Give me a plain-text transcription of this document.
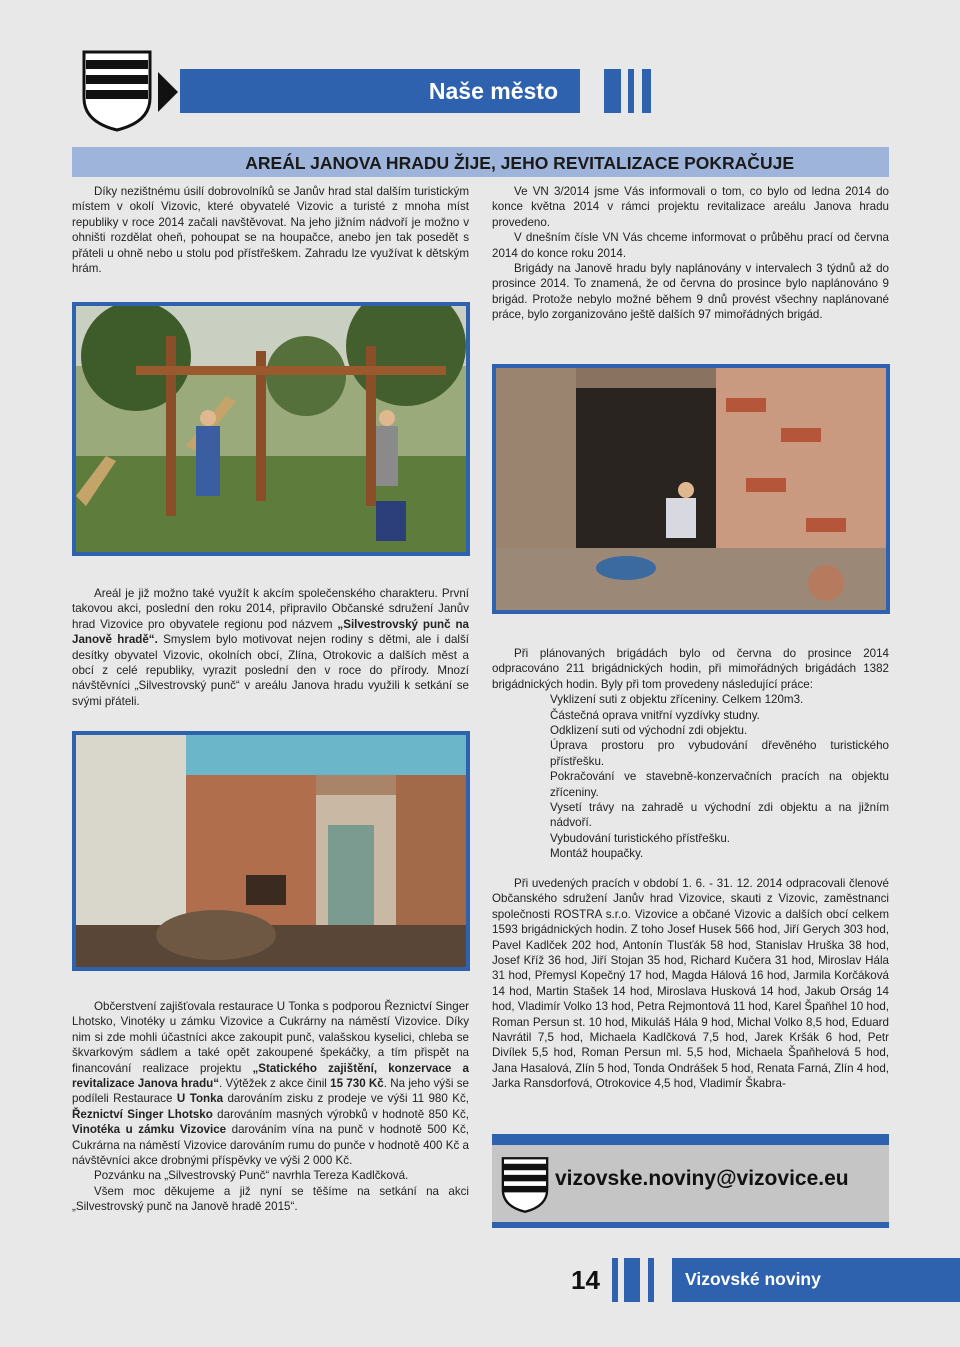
Naše město
AREÁL JANOVA HRADU ŽIJE, JEHO REVITALIZACE POKRAČUJE

Díky nezištnému úsilí dobrovolníků se Janův hrad stal dalším turistickým místem v okolí Vizovic, které obyvatelé Vizovic a turisté z mnoha míst republiky v roce 2014 začali navštěvovat. Na jeho jižním nádvoří je možno v ohništi rozdělat oheň, pohoupat se na houpačce, anebo jen tak posedět s přáteli u ohně nebo u stolu pod přístřeškem. Zahradu lze využívat k dětským hrám.

Areál je již možno také využít k akcím společenského charakteru. První takovou akci, poslední den roku 2014, připravilo Občanské sdružení Janův hrad Vizovice pro obyvatele regionu pod názvem „Silvestrovský punč na Janově hradě“. Smyslem bylo motivovat nejen rodiny s dětmi, ale i další desítky obyvatel Vizovic, okolních obcí, Zlína, Otrokovic a dalších měst a obcí z celé republiky, vyrazit poslední den v roce do přírody. Mnozí návštěvníci „Silvestrovský punč“ v areálu Janova hradu využili k setkání se svými přáteli.

Občerstvení zajišťovala restaurace U Tonka s podporou Řeznictví Singer Lhotsko, Vinotéky u zámku Vizovice a Cukrárny na náměstí Vizovice. Díky nim si zde mohli účastníci akce zakoupit punč, valašskou kyselici, chleba se škvarkovým sádlem a také opět zakoupené špekáčky, a tím přispět na financování realizace projektu „Statického zajištění, konzervace a revitalizace Janova hradu“. Výtěžek z akce činil 15 730 Kč. Na jeho výši se podíleli Restaurace U Tonka darováním zisku z prodeje ve výši 11 980 Kč, Řeznictví Singer Lhotsko darováním masných výrobků v hodnotě 850 Kč, Vinotéka u zámku Vizovice darováním vína na punč v hodnotě 500 Kč, Cukrárna na náměstí Vizovice darováním rumu do punče v hodnotě 400 Kč a návštěvníci akce drobnými příspěvky ve výši 2 000 Kč.

Pozvánku na „Silvestrovský Punč“ navrhla Tereza Kadlčková.

Všem moc děkujeme a již nyní se těšíme na setkání na akci „Silvestrovský punč na Janově hradě 2015“.

Ve VN 3/2014 jsme Vás informovali o tom, co bylo od ledna 2014 do konce května 2014 v rámci projektu revitalizace areálu Janova hradu provedeno.

V dnešním čísle VN Vás chceme informovat o průběhu prací od června 2014 do konce roku 2014.

Brigády na Janově hradu byly naplánovány v intervalech 3 týdnů až do prosince 2014. To znamená, že od června do prosince bylo naplánováno 9 brigád. Protože nebylo možné během 9 dnů provést všechny naplánované práce, bylo zorganizováno ještě dalších 97 mimořádných brigád.

Při plánovaných brigádách bylo od června do prosince 2014 odpracováno 211 brigádnických hodin, při mimořádných brigádách 1382 brigádnických hodin. Byly při tom provedeny následující práce:

Vyklizení suti z objektu zříceniny. Celkem 120m3.

Částečná oprava vnitřní vyzdívky studny.

Odklizení suti od východní zdi objektu.

Úprava prostoru pro vybudování dřevěného turistického přístřešku.

Pokračování ve stavebně-konzervačních pracích na objektu zříceniny.

Vysetí trávy na zahradě u východní zdi objektu a na jižním nádvoří.

Vybudování turistického přístřešku.

Montáž houpačky.

Při uvedených pracích v období 1. 6. - 31. 12. 2014 odpracovali členové Občanského sdružení Janův hrad Vizovice, skauti z Vizovic, zaměstnanci společnosti ROSTRA s.r.o. Vizovice a občané Vizovic a dalších obcí celkem 1593 brigádnických hodin. Z toho Josef Husek 566 hod, Jiří Gerych 303 hod, Pavel Kadlček 202 hod, Antonín Tlusťák 58 hod, Stanislav Hruška 38 hod, Josef Kříž 36 hod, Jiří Stojan 35 hod, Richard Kučera 31 hod, Miroslav Hála 31 hod, Přemysl Kopečný 17 hod, Magda Hálová 16 hod, Jarmila Korčáková 14 hod, Martin Stašek 14 hod, Miroslava Husková 14 hod, Jakub Orság 14 hod, Vladimír Volko 13 hod, Petra Rejmontová 11 hod, Karel Špaňhel 10 hod, Roman Persun st. 10 hod, Mikuláš Hála 9 hod, Michal Volko 8,5 hod, Eduard Navrátil 7,5 hod, Michaela Kadlčková 7,5 hod, Jarek Kršák 6 hod, Petr Divílek 5,5 hod, Roman Persun ml. 5,5 hod, Michaela Špaňhelová 5 hod, Jana Hasalová, Zlín 5 hod, Tonda Ondrášek 5 hod, Renata Farná, Zlín 4 hod, Jarka Ransdorfová, Otrokovice 4,5 hod, Vladimír Škabra-

vizovske.noviny@vizovice.eu
14	Vizovské noviny
